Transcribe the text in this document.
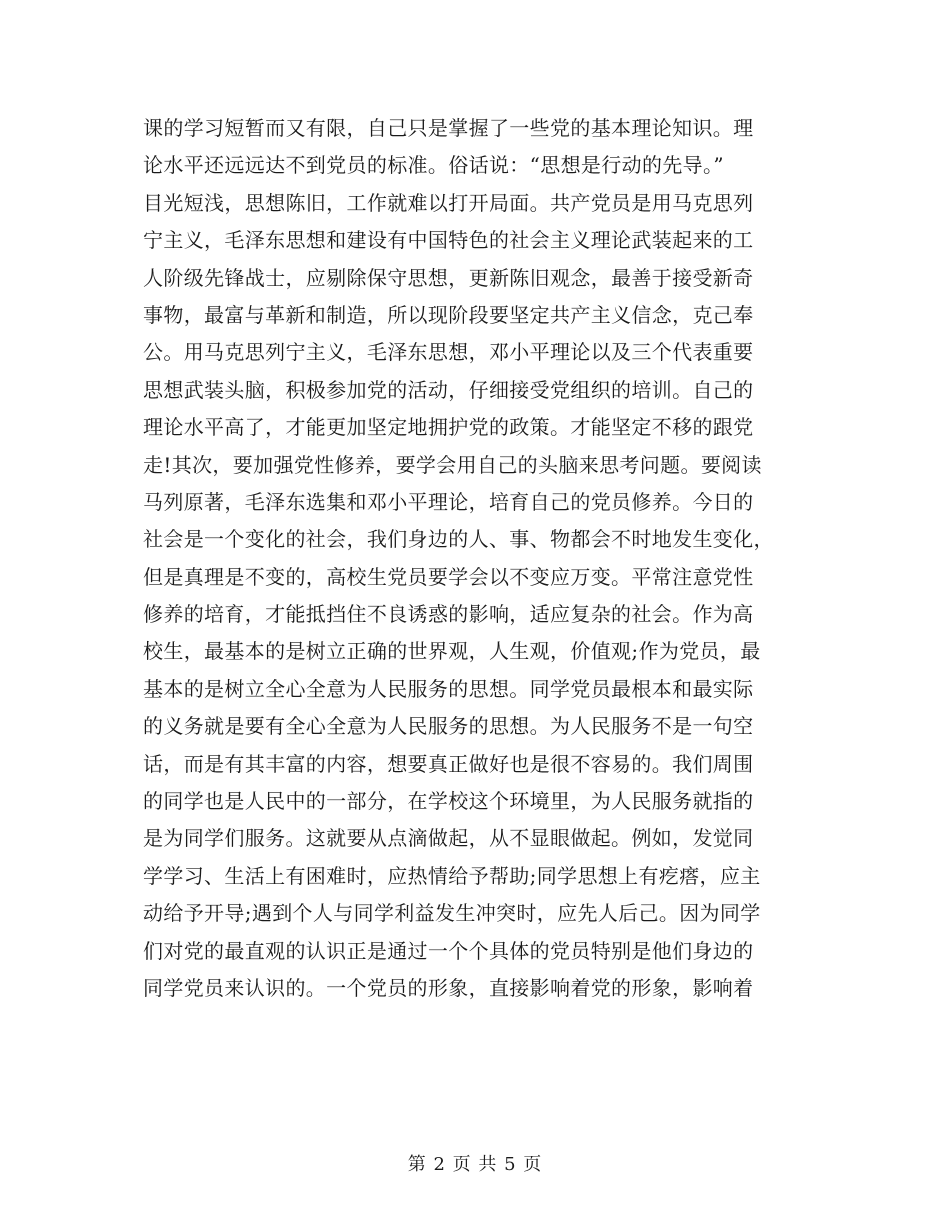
课的学习短暂而又有限，自己只是掌握了一些党的基本理论知识。理
论水平还远远达不到党员的标准。俗话说：“思想是行动的先导。”
目光短浅，思想陈旧，工作就难以打开局面。共产党员是用马克思列
宁主义，毛泽东思想和建设有中国特色的社会主义理论武装起来的工
人阶级先锋战士，应剔除保守思想，更新陈旧观念，最善于接受新奇
事物，最富与革新和制造，所以现阶段要坚定共产主义信念，克己奉
公。用马克思列宁主义，毛泽东思想，邓小平理论以及三个代表重要
思想武装头脑，积极参加党的活动，仔细接受党组织的培训。自己的
理论水平高了，才能更加坚定地拥护党的政策。才能坚定不移的跟党
走!其次，要加强党性修养，要学会用自己的头脑来思考问题。要阅读
马列原著，毛泽东选集和邓小平理论，培育自己的党员修养。今日的
社会是一个变化的社会，我们身边的人、事、物都会不时地发生变化，
但是真理是不变的，高校生党员要学会以不变应万变。平常注意党性
修养的培育，才能抵挡住不良诱惑的影响，适应复杂的社会。作为高
校生，最基本的是树立正确的世界观，人生观，价值观;作为党员，最
基本的是树立全心全意为人民服务的思想。同学党员最根本和最实际
的义务就是要有全心全意为人民服务的思想。为人民服务不是一句空
话，而是有其丰富的内容，想要真正做好也是很不容易的。我们周围
的同学也是人民中的一部分，在学校这个环境里，为人民服务就指的
是为同学们服务。这就要从点滴做起，从不显眼做起。例如，发觉同
学学习、生活上有困难时，应热情给予帮助;同学思想上有疙瘩，应主
动给予开导;遇到个人与同学利益发生冲突时，应先人后己。因为同学
们对党的最直观的认识正是通过一个个具体的党员特别是他们身边的
同学党员来认识的。一个党员的形象，直接影响着党的形象，影响着
第 2 页 共 5 页
